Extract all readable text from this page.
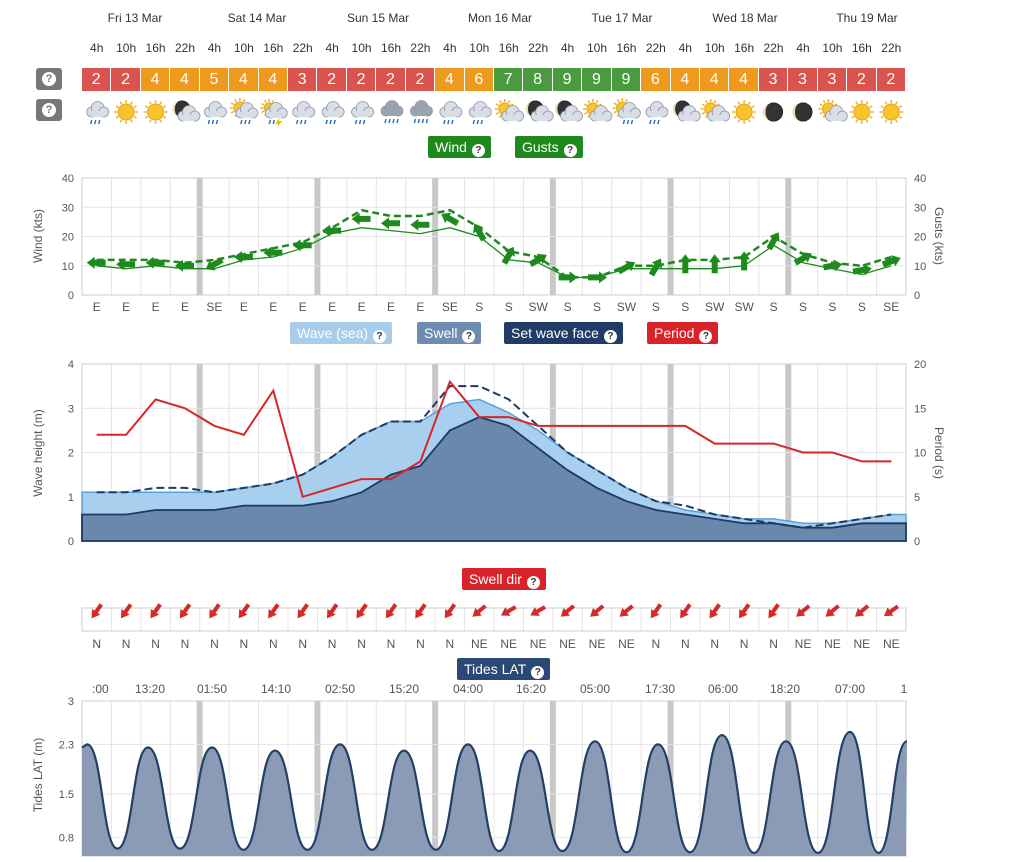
Fri 13 Mar	Sat 14 Mar	Sun 15 Mar	Mon 16 Mar	Tue 17 Mar	Wed 18 Mar	Thu 19 Mar
4h	10h 16h 22h	4h	10h 16h 22h	4h	10h 16h 22h	4h	10h 16h 22h	4h	10h 16h 22h	4h	10h 16h 22h	4h	10h 16h 22h
2	2	4	4	5	4	4	3	2	2	2	2	4	6	7	8	9	9	9	6	4	4	4	3	3	3	2	2
0	0
10	10
20	20
30	30
40	40
Wind (kts)	Gusts (kts)
E E E E SE E E E E E E E SE S S SW S S SW S S SW SW S S S S SE
0
1
2
3
4
0
5
10
15
20
Wave height (m)	Period (s)
N N N N N N N N N N N N N NE NE NE NE NE NE N N N N N NE NE NE NE
0.8
1.5
2.3
3
Tides LAT (m)
:00 13:20	01:50	14:10	02:50	15:20	04:00	16:20	05:00	17:30	06:00	18:20	07:00	1
Wind ?	Gusts ?
Wave (sea) ?	Swell ?	Set wave face ?	Period ?
Swell dir ?
Tides LAT ?
?
?
